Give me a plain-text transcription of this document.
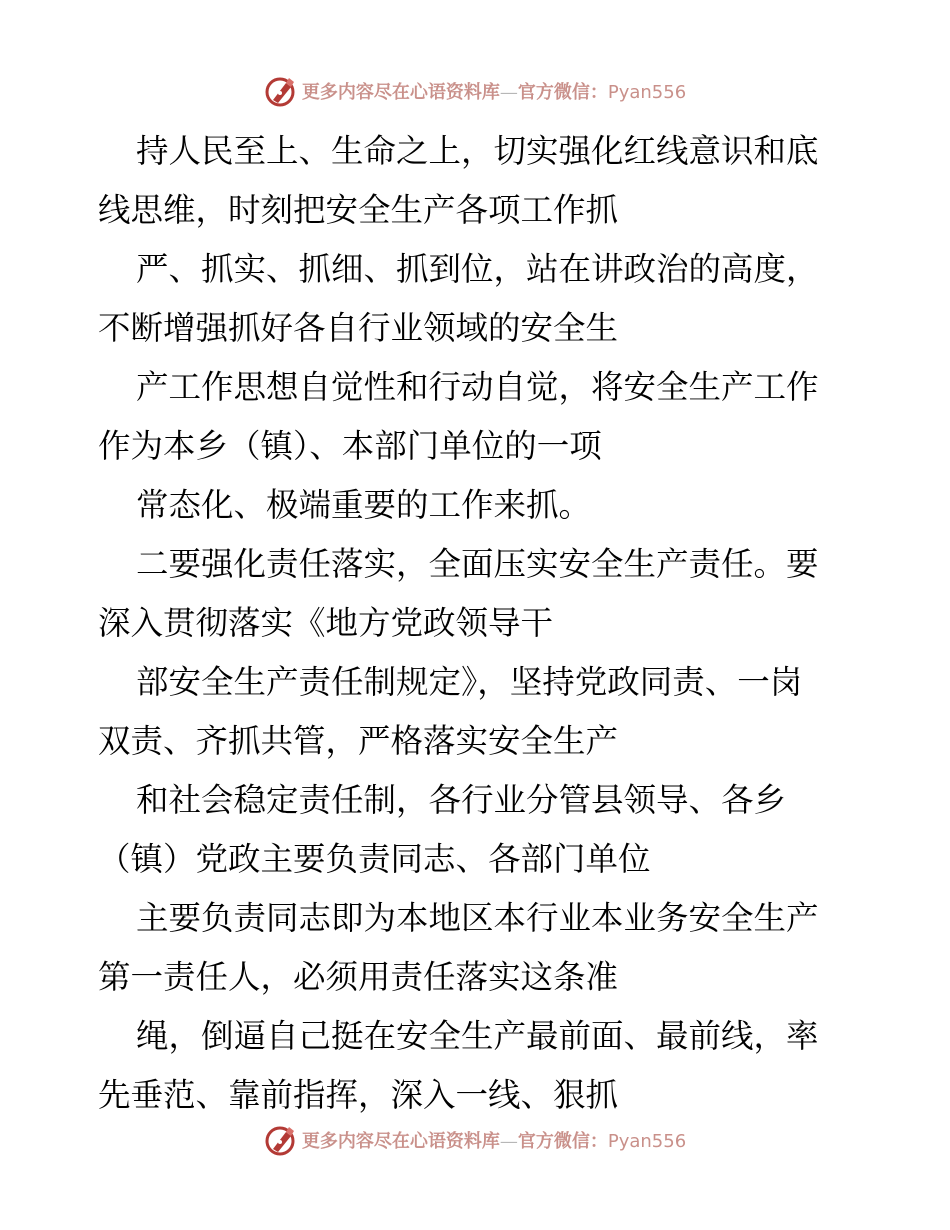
更多内容尽在心语资料库—官方微信：Pyan556
持人民至上、生命之上，切实强化红线意识和底
线思维，时刻把安全生产各项工作抓
严、抓实、抓细、抓到位，站在讲政治的高度，
不断增强抓好各自行业领域的安全生
产工作思想自觉性和行动自觉，将安全生产工作
作为本乡（镇）、本部门单位的一项
常态化、极端重要的工作来抓。
二要强化责任落实，全面压实安全生产责任。要
深入贯彻落实《地方党政领导干
部安全生产责任制规定》，坚持党政同责、一岗
双责、齐抓共管，严格落实安全生产
和社会稳定责任制，各行业分管县领导、各乡
（镇）党政主要负责同志、各部门单位
主要负责同志即为本地区本行业本业务安全生产
第一责任人，必须用责任落实这条准
绳，倒逼自己挺在安全生产最前面、最前线，率
先垂范、靠前指挥，深入一线、狠抓
更多内容尽在心语资料库—官方微信：Pyan556
